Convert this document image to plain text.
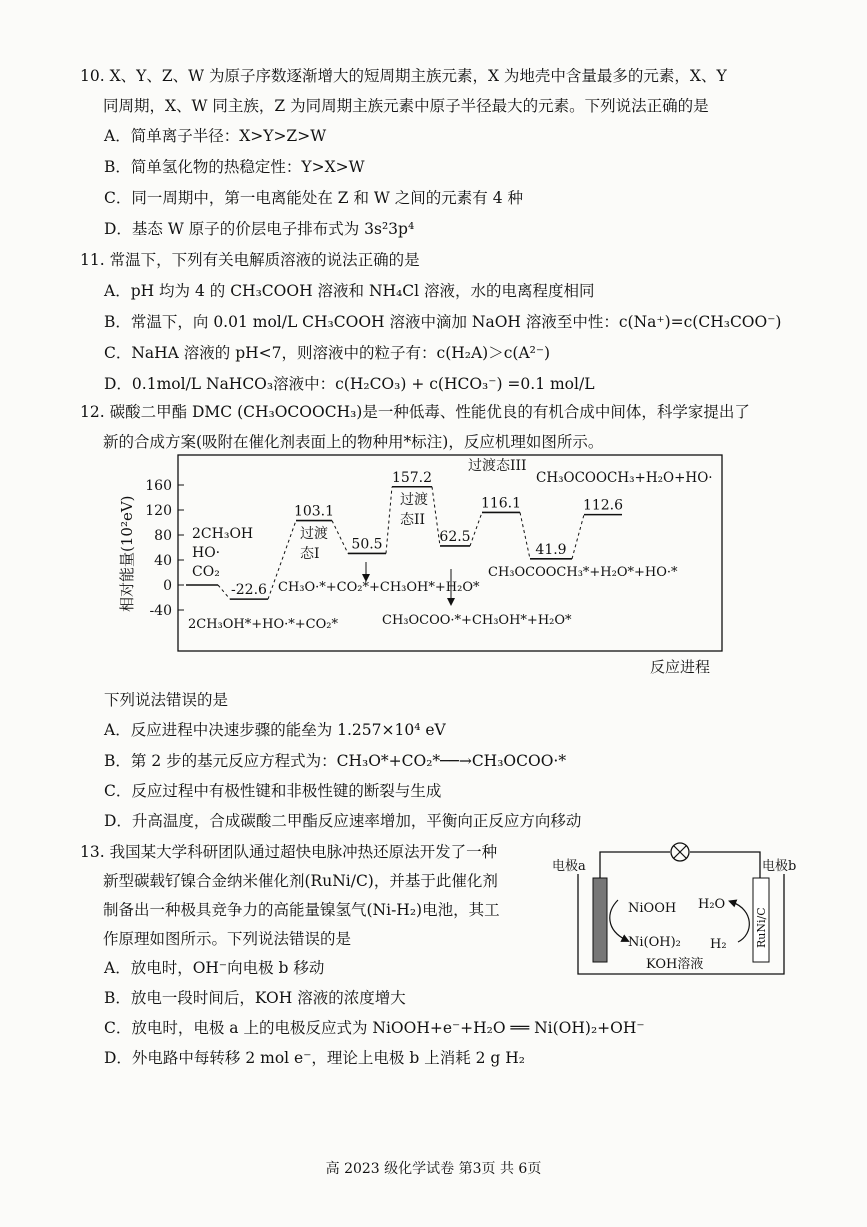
10. X、Y、Z、W 为原子序数逐渐增大的短周期主族元素，X 为地壳中含量最多的元素，X、Y
同周期，X、W 同主族，Z 为同周期主族元素中原子半径最大的元素。下列说法正确的是
A．简单离子半径：X>Y>Z>W
B．简单氢化物的热稳定性：Y>X>W
C．同一周期中，第一电离能处在 Z 和 W 之间的元素有 4 种
D．基态 W 原子的价层电子排布式为 3s²3p⁴
11. 常温下，下列有关电解质溶液的说法正确的是
A．pH 均为 4 的 CH₃COOH 溶液和 NH₄Cl 溶液，水的电离程度相同
B．常温下，向 0.01 mol/L CH₃COOH 溶液中滴加 NaOH 溶液至中性：c(Na⁺)=c(CH₃COO⁻)
C．NaHA 溶液的 pH<7，则溶液中的粒子有：c(H₂A)＞c(A²⁻)
D．0.1mol/L NaHCO₃溶液中：c(H₂CO₃) + c(HCO₃⁻) =0.1 mol/L
12. 碳酸二甲酯 DMC (CH₃OCOOCH₃)是一种低毒、性能优良的有机合成中间体，科学家提出了
新的合成方案(吸附在催化剂表面上的物种用*标注)，反应机理如图所示。
160
120
80
40
0
-40
-22.6
103.1
50.5
157.2
62.5
116.1
41.9
112.6
相对能量(10²eV)	2CH₃OH
HO·
CO₂
过渡
态I
过渡
态II
过渡态III
CH₃OCOOCH₃+H₂O+HO·
2CH₃OH*+HO·*+CO₂*
CH₃O·*+CO₂*+CH₃OH*+H₂O*
CH₃OCOO·*+CH₃OH*+H₂O*
CH₃OCOOCH₃*+H₂O*+HO·*
反应进程
下列说法错误的是
A．反应进程中决速步骤的能垒为 1.257×10⁴ eV
B．第 2 步的基元反应方程式为：CH₃O*+CO₂*──→CH₃OCOO·*
C．反应过程中有极性键和非极性键的断裂与生成
D．升高温度，合成碳酸二甲酯反应速率增加，平衡向正反应方向移动
13. 我国某大学科研团队通过超快电脉冲热还原法开发了一种
新型碳载钌镍合金纳米催化剂(RuNi/C)，并基于此催化剂
制备出一种极具竞争力的高能量镍氢气(Ni-H₂)电池，其工
作原理如图所示。下列说法错误的是
A．放电时，OH⁻向电极 b 移动
B．放电一段时间后，KOH 溶液的浓度增大
C．放电时，电极 a 上的电极反应式为 NiOOH+e⁻+H₂O ══ Ni(OH)₂+OH⁻
D．外电路中每转移 2 mol e⁻，理论上电极 b 上消耗 2 g H₂
电极a	电极b
NiOOH
Ni(OH)₂
H₂O
H₂	RuNi/C
KOH溶液
高 2023 级化学试卷 第3页 共 6页
